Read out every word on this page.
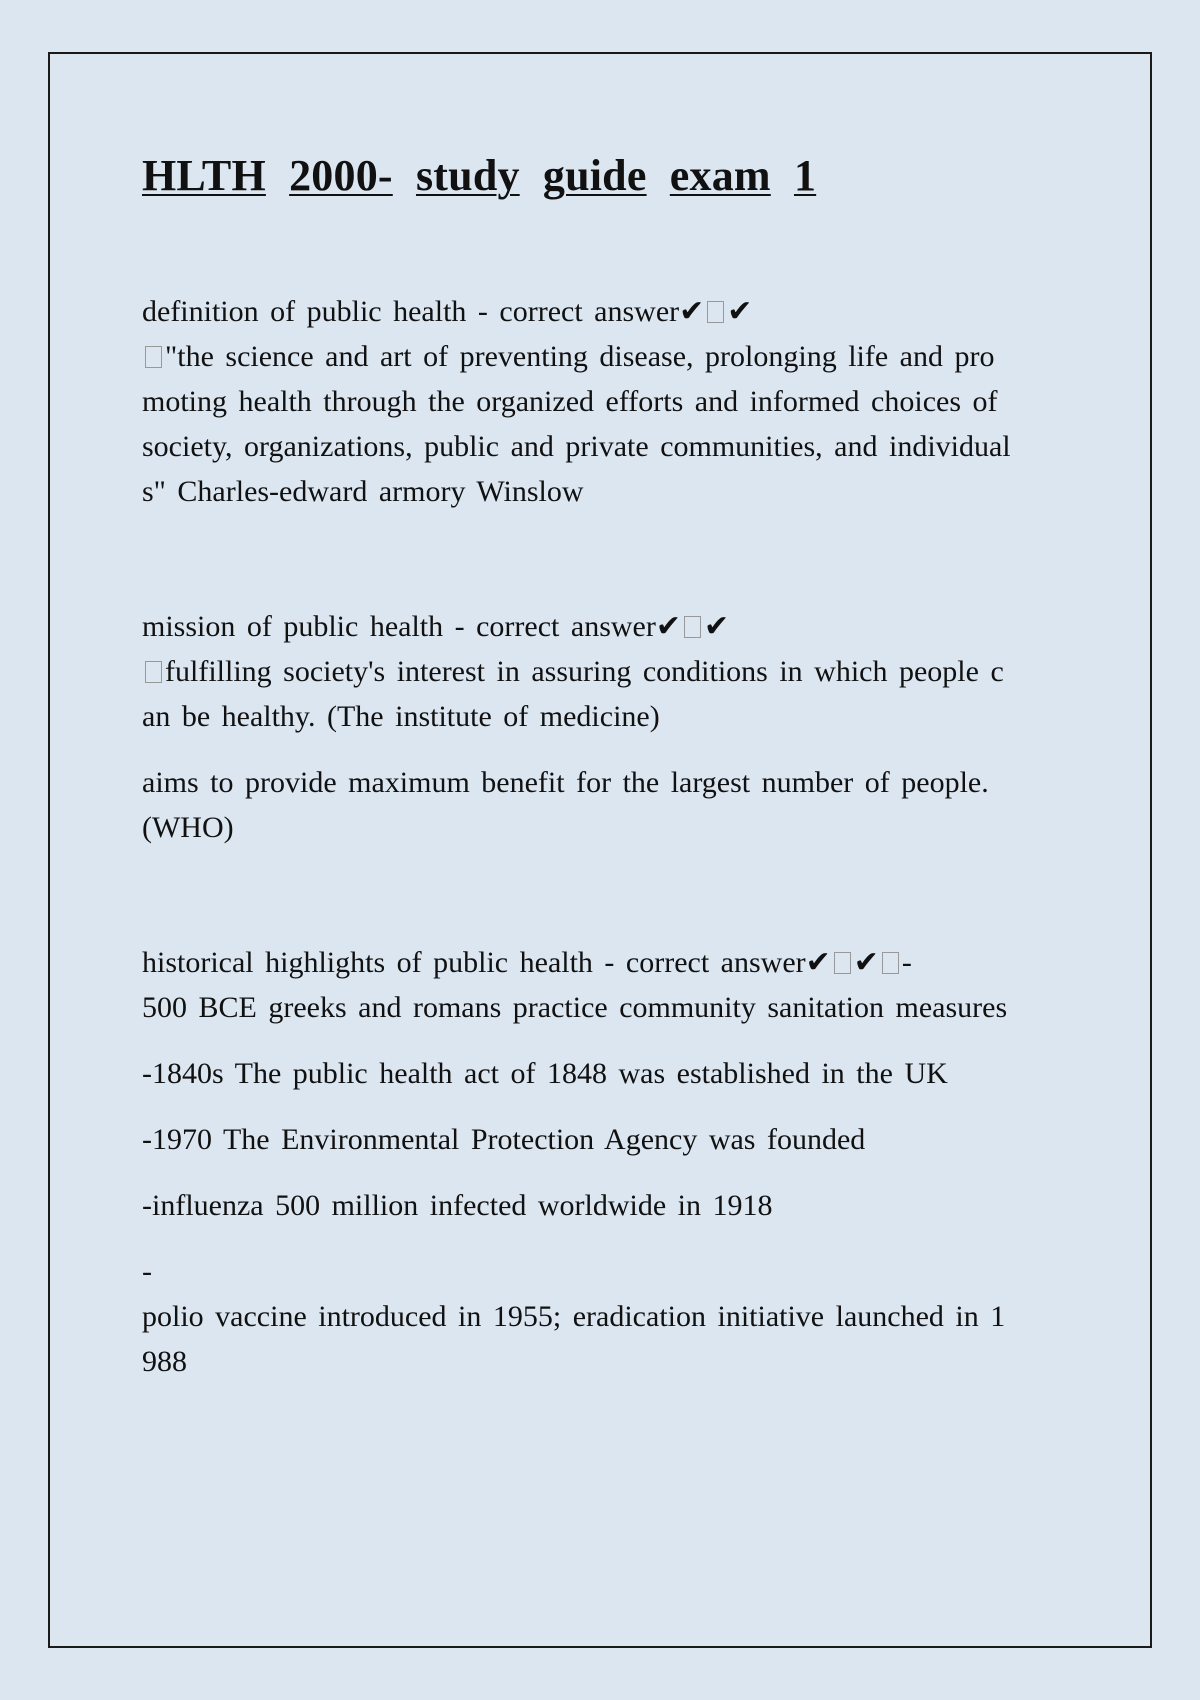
HLTH 2000- study guide exam 1

definition of public health - correct answer✔ ✔

"the science and art of preventing disease, prolonging life and pro

moting health through the organized efforts and informed choices of

society, organizations, public and private communities, and individual

s" Charles-edward armory Winslow

mission of public health - correct answer✔ ✔

fulfilling society's interest in assuring conditions in which people c

an be healthy. (The institute of medicine)

aims to provide maximum benefit for the largest number of people.

(WHO)

historical highlights of public health - correct answer✔ ✔ -

500 BCE greeks and romans practice community sanitation measures

-1840s The public health act of 1848 was established in the UK

-1970 The Environmental Protection Agency was founded

-influenza 500 million infected worldwide in 1918

-

polio vaccine introduced in 1955; eradication initiative launched in 1

988
